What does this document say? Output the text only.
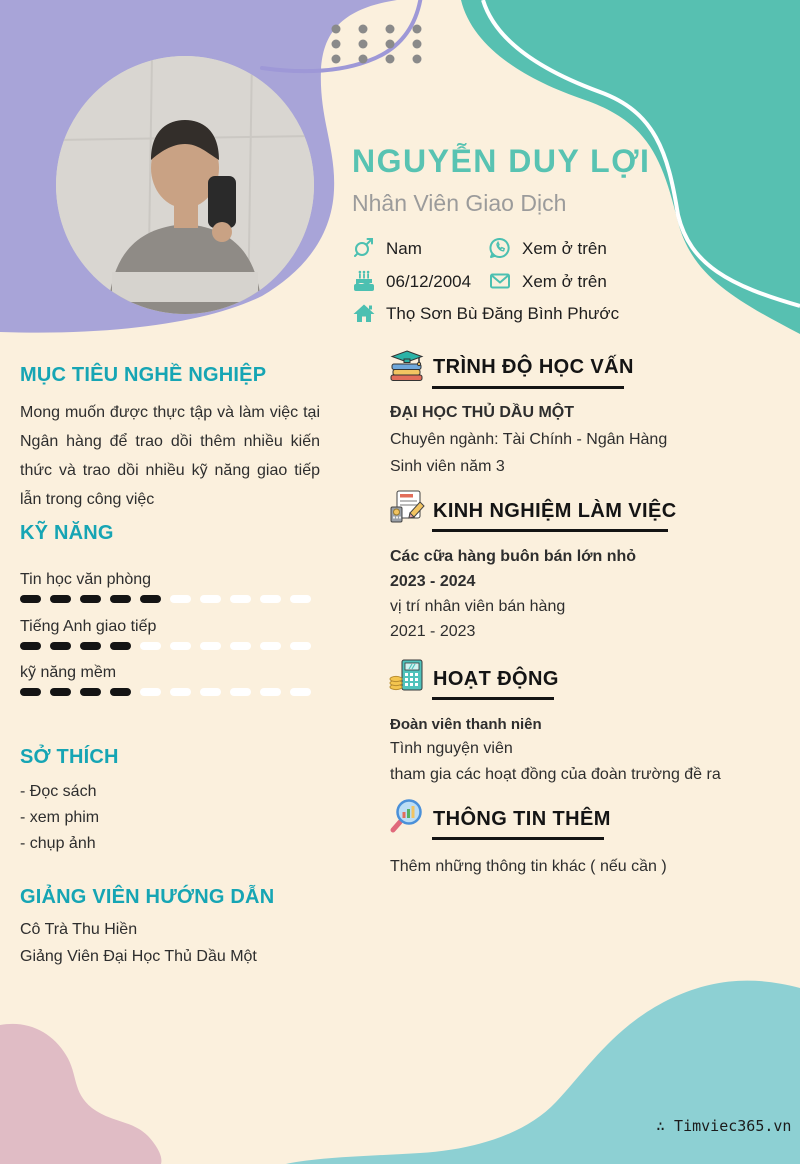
NGUYỄN DUY LỢI
Nhân Viên Giao Dịch
Nam	Xem ở trên
06/12/2004	Xem ở trên
Thọ Sơn Bù Đăng Bình Phước
MỤC TIÊU NGHỀ NGHIỆP
Mong muốn được thực tập và làm việc tại Ngân hàng để trao dồi thêm nhiều kiến thức và trao dồi nhiều kỹ năng giao tiếp lẫn trong công việc
KỸ NĂNG
Tin học văn phòng
Tiếng Anh giao tiếp
kỹ năng mềm
SỞ THÍCH
- Đọc sách
- xem phim
- chụp ảnh
GIẢNG VIÊN HƯỚNG DẪN
Cô Trà Thu Hiền
Giảng Viên Đại Học Thủ Dầu Một
TRÌNH ĐỘ HỌC VẤN
ĐẠI HỌC THỦ DẦU MỘT
Chuyên ngành: Tài Chính - Ngân Hàng
Sinh viên năm 3
KINH NGHIỆM LÀM VIỆC
Các cữa hàng buôn bán lớn nhỏ
2023 - 2024
vị trí nhân viên bán hàng
2021 - 2023
HOẠT ĐỘNG
Đoàn viên thanh niên
Tình nguyện viên
tham gia các hoạt đồng của đoàn trường đề ra
THÔNG TIN THÊM
Thêm những thông tin khác ( nếu cần )
∴ Timviec365.vn
